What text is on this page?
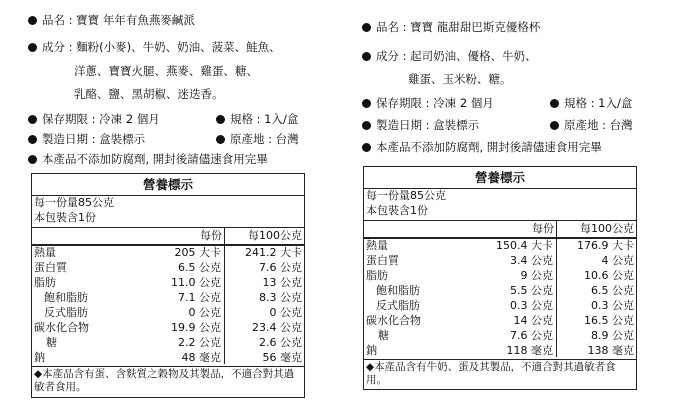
品名 : 寶寶 年年有魚燕麥鹹派
成分 : 麵粉(小麥)、牛奶、奶油、菠菜、鮭魚、
洋蔥、寶寶火腿、燕麥、雞蛋、糖、
乳酪、鹽、黑胡椒、迷迭香。
保存期限 : 冷凍 2 個月	規格 : 1入/盒
製造日期 : 盒裝標示	原產地 : 台灣
本產品不添加防腐劑, 開封後請儘速食用完畢
營養標示
每一份量85公克
本包裝含1份
每份	每100公克
熱量	205 大卡	241.2 大卡
蛋白質	6.5 公克	7.6 公克
脂肪	11.0 公克	13 公克
飽和脂肪	7.1 公克	8.3 公克
反式脂肪	0 公克	0 公克
碳水化合物	19.9 公克	23.4 公克
糖	2.2 公克	2.6 公克
鈉	48 毫克	56 毫克
◆本產品含有蛋、含麩質之穀物及其製品，不適合對其過敏者食用。
品名 : 寶寶 龍甜甜巴斯克優格杯
成分 : 起司奶油、優格、牛奶、
雞蛋、玉米粉、糖。
保存期限 : 冷凍 2 個月	規格 : 1入/盒
製造日期 : 盒裝標示	原產地 : 台灣
本產品不添加防腐劑, 開封後請儘速食用完畢
營養標示
每一份量85公克
本包裝含1份
每份	每100公克
熱量	150.4 大卡	176.9 大卡
蛋白質	3.4 公克	4 公克
脂肪	9 公克	10.6 公克
飽和脂肪	5.5 公克	6.5 公克
反式脂肪	0.3 公克	0.3 公克
碳水化合物	14 公克	16.5 公克
糖	7.6 公克	8.9 公克
鈉	118 毫克	138 毫克
◆本產品含有牛奶、蛋及其製品，不適合對其過敏者食用。
